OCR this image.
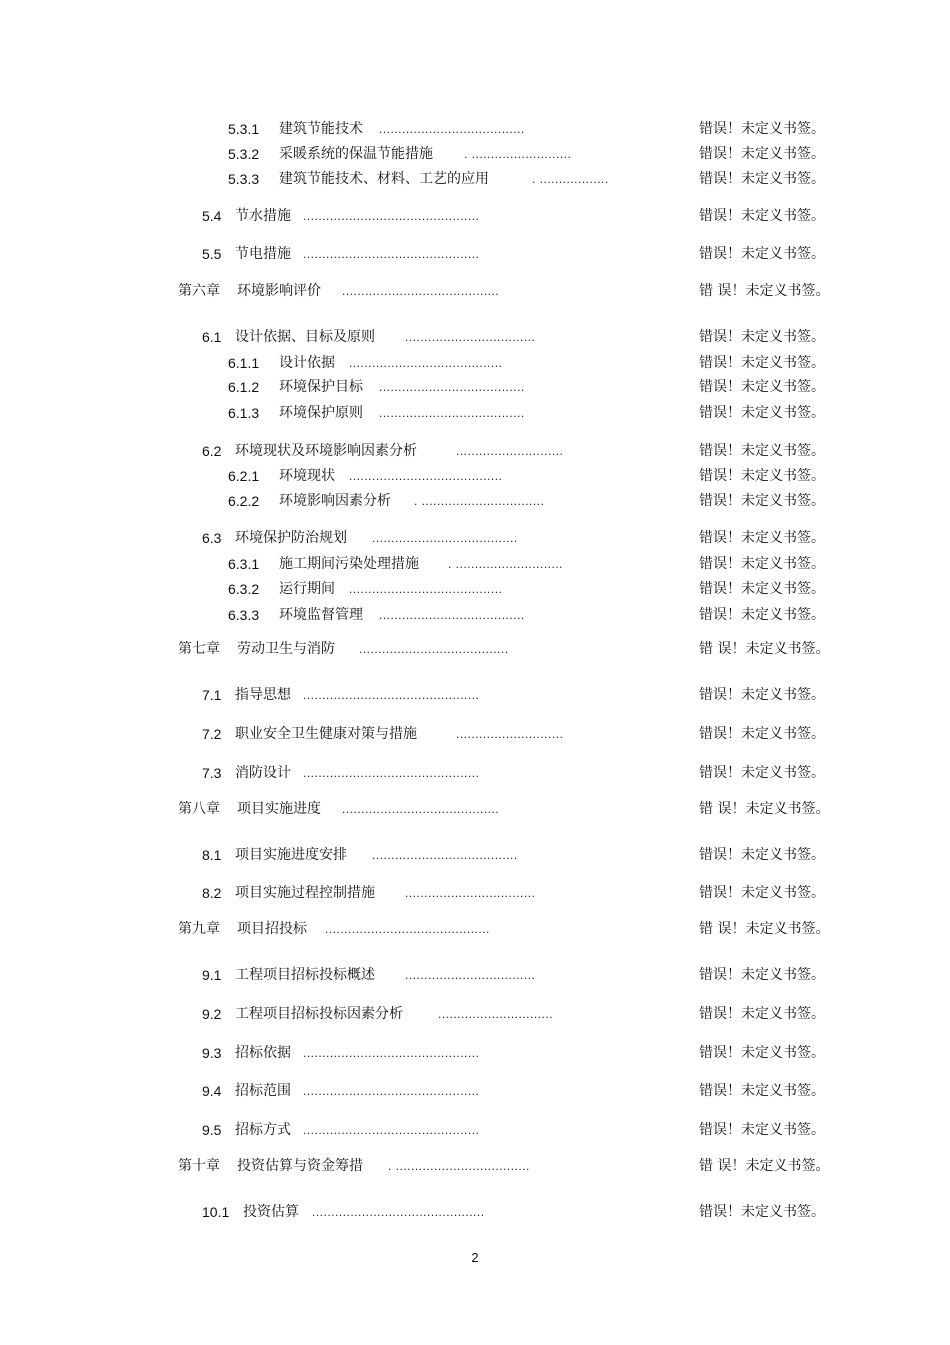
5.3.1 建筑节能技术 ......................................	错误！未定义书签。
5.3.2 采暖系统的保温节能措施	. ..........................	错误！未定义书签。
5.3.3 建筑节能技术、材料、工艺的应用	. ..................	错误！未定义书签。
5.4 节水措施 ..............................................	错误！未定义书签。
5.5 节电措施 ..............................................	错误！未定义书签。
第六章 环境影响评价 .........................................	错 误！未定义书签。
6.1 设计依据、目标及原则	..................................	错误！未定义书签。
6.1.1 设计依据 ........................................	错误！未定义书签。
6.1.2 环境保护目标 ......................................	错误！未定义书签。
6.1.3 环境保护原则 ......................................	错误！未定义书签。
6.2 环境现状及环境影响因素分析	............................	错误！未定义书签。
6.2.1 环境现状 ........................................	错误！未定义书签。
6.2.2 环境影响因素分析 . ................................	错误！未定义书签。
6.3 环境保护防治规划 ......................................	错误！未定义书签。
6.3.1 施工期间污染处理措施 . ............................	错误！未定义书签。
6.3.2 运行期间 ........................................	错误！未定义书签。
6.3.3 环境监督管理 ......................................	错误！未定义书签。
第七章 劳动卫生与消防 .......................................	错 误！未定义书签。
7.1 指导思想 ..............................................	错误！未定义书签。
7.2 职业安全卫生健康对策与措施	............................	错误！未定义书签。
7.3 消防设计 ..............................................	错误！未定义书签。
第八章 项目实施进度 .........................................	错 误！未定义书签。
8.1 项目实施进度安排 ......................................	错误！未定义书签。
8.2 项目实施过程控制措施	..................................	错误！未定义书签。
第九章 项目招投标 ...........................................	错 误！未定义书签。
9.1 工程项目招标投标概述	..................................	错误！未定义书签。
9.2 工程项目招标投标因素分析	..............................	错误！未定义书签。
9.3 招标依据 ..............................................	错误！未定义书签。
9.4 招标范围 ..............................................	错误！未定义书签。
9.5 招标方式 ..............................................	错误！未定义书签。
第十章 投资估算与资金筹措 . ...................................	错 误！未定义书签。
10.1 投资估算 .............................................	错误！未定义书签。
2
